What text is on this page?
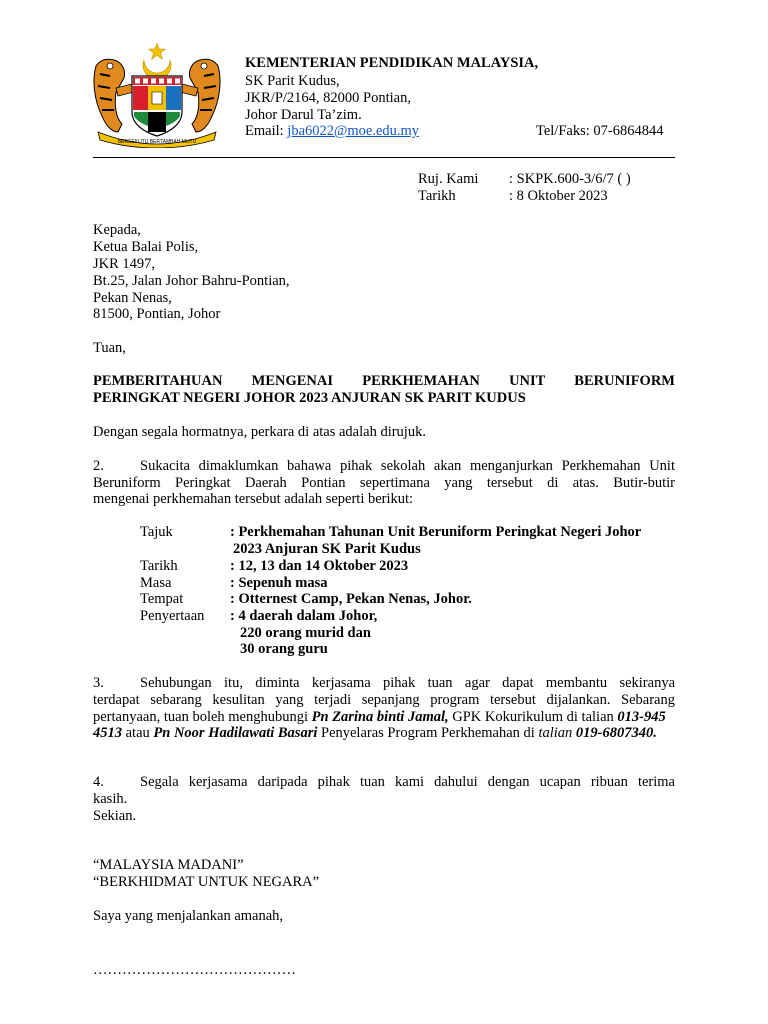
BERSEKUTU BERTAMBAH MUTU
KEMENTERIAN PENDIDIKAN MALAYSIA,
SK Parit Kudus,
JKR/P/2164, 82000 Pontian,
Johor Darul Ta’zim.
Email: jba6022@moe.edu.my	Tel/Faks: 07-6864844
Ruj. Kami : SKPK.600-3/6/7 ( )
Tarikh	: 8 Oktober 2023
Kepada,
Ketua Balai Polis,
JKR 1497,
Bt.25, Jalan Johor Bahru-Pontian,
Pekan Nenas,
81500, Pontian, Johor
Tuan,
PEMBERITAHUAN MENGENAI PERKHEMAHAN UNIT BERUNIFORM
PERINGKAT NEGERI JOHOR 2023 ANJURAN SK PARIT KUDUS
Dengan segala hormatnya, perkara di atas adalah dirujuk.
2. Sukacita dimaklumkan bahawa pihak sekolah akan menganjurkan Perkhemahan Unit
Beruniform Peringkat Daerah Pontian sepertimana yang tersebut di atas. Butir-butir
mengenai perkhemahan tersebut adalah seperti berikut:
Tajuk	: Perkhemahan Tahunan Unit Beruniform Peringkat Negeri Johor
2023 Anjuran SK Parit Kudus
Tarikh	: 12, 13 dan 14 Oktober 2023
Masa	: Sepenuh masa
Tempat	: Otternest Camp, Pekan Nenas, Johor.
Penyertaan : 4 daerah dalam Johor,
220 orang murid dan
30 orang guru
3. Sehubungan itu, diminta kerjasama pihak tuan agar dapat membantu sekiranya
terdapat sebarang kesulitan yang terjadi sepanjang program tersebut dijalankan. Sebarang
pertanyaan, tuan boleh menghubungi Pn Zarina binti Jamal, GPK Kokurikulum di talian 013-945
4513 atau Pn Noor Hadilawati Basari Penyelaras Program Perkhemahan di talian 019-6807340.
4. Segala kerjasama daripada pihak tuan kami dahului dengan ucapan ribuan terima
kasih.
Sekian.
“MALAYSIA MADANI”
“BERKHIDMAT UNTUK NEGARA”
Saya yang menjalankan amanah,
……………………………………
